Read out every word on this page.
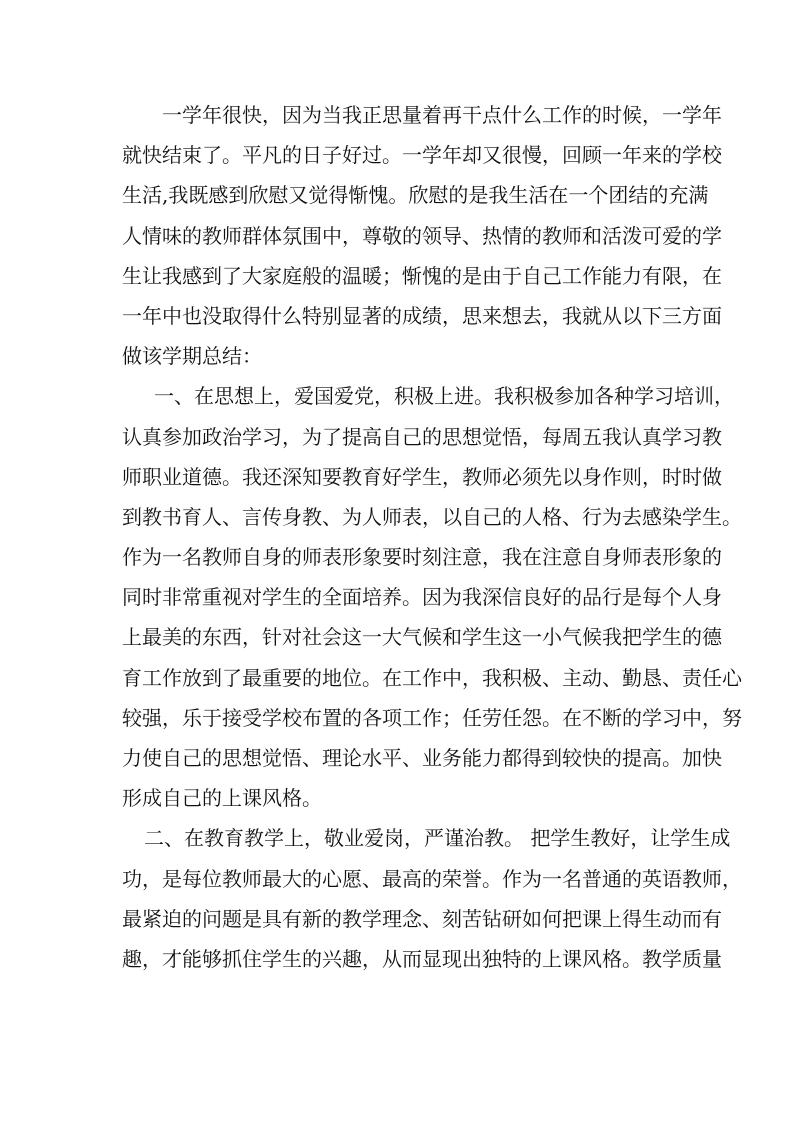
一学年很快，因为当我正思量着再干点什么工作的时候，一学年
就快结束了。平凡的日子好过。一学年却又很慢，回顾一年来的学校
生活,我既感到欣慰又觉得惭愧。欣慰的是我生活在一个团结的充满
人情味的教师群体氛围中，尊敬的领导、热情的教师和活泼可爱的学
生让我感到了大家庭般的温暖；惭愧的是由于自己工作能力有限，在
一年中也没取得什么特别显著的成绩，思来想去，我就从以下三方面
做该学期总结：
一、在思想上，爱国爱党，积极上进。我积极参加各种学习培训，
认真参加政治学习，为了提高自己的思想觉悟，每周五我认真学习教
师职业道德。我还深知要教育好学生，教师必须先以身作则，时时做
到教书育人、言传身教、为人师表，以自己的人格、行为去感染学生。
作为一名教师自身的师表形象要时刻注意，我在注意自身师表形象的
同时非常重视对学生的全面培养。因为我深信良好的品行是每个人身
上最美的东西，针对社会这一大气候和学生这一小气候我把学生的德
育工作放到了最重要的地位。在工作中，我积极、主动、勤恳、责任心
较强，乐于接受学校布置的各项工作；任劳任怨。在不断的学习中，努
力使自己的思想觉悟、理论水平、业务能力都得到较快的提高。加快
形成自己的上课风格。
二、在教育教学上，敬业爱岗，严谨治教。 把学生教好，让学生成
功，是每位教师最大的心愿、最高的荣誉。作为一名普通的英语教师，
最紧迫的问题是具有新的教学理念、刻苦钻研如何把课上得生动而有
趣，才能够抓住学生的兴趣，从而显现出独特的上课风格。教学质量
